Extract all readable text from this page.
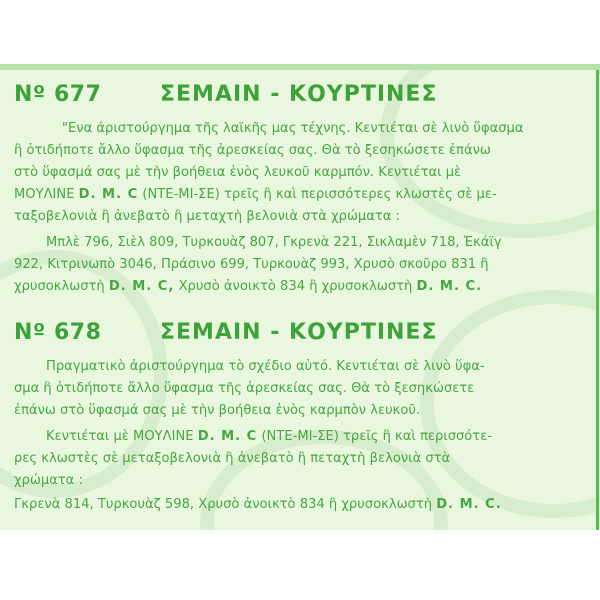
Nº 677	ΣΕΜΑΙΝ - ΚΟΥΡΤΙΝΕΣ
"Ενα άριστούργημα τῆς λαϊκῆς μας τέχνης. Κεντιέται σὲ λινὸ ὕφασμα
ἢ ὁτιδήποτε ἄλλο ὕφασμα τῆς ἀρεσκείας σας. Θὰ τὸ ξεσηκώσετε ἐπάνω
στὸ ὕφασμά σας μὲ τὴν βοήθεια ἐνὸς λευκοῦ καρμπόν. Κεντιέται μὲ
ΜΟΥΛΙΝΕ D. M. C (ΝΤΕ-ΜΙ-ΣΕ) τρεῖς ἢ καὶ περισσότερες κλωστὲς σὲ με-
ταξοβελονιὰ ἢ ἀνεβατὸ ἢ μεταχτὴ βελονιὰ στὰ χρώματα :
Μπλὲ 796, Σιὲλ 809, Τυρκουὰζ 807, Γκρενὰ 221, Σικλαμὲν 718, Ἐκάϊγ
922, Κιτρινωπὸ 3046, Πράσινο 699, Τυρκουὰζ 993, Χρυσὸ σκοῦρο 831 ἢ
χρυσοκλωστὴ D. M. C, Χρυσὸ ἀνοικτὸ 834 ἢ χρυσοκλωστὴ D. M. C.
Nº 678	ΣΕΜΑΙΝ - ΚΟΥΡΤΙΝΕΣ
Πραγματικὸ ἀριστούργημα τὸ σχέδιο αὐτό. Κεντιέται σὲ λινὸ ὕφα-
σμα ἢ ὁτιδήποτε ἄλλο ὕφασμα τῆς ἀρεσκείας σας. Θὰ τὸ ξεσηκώσετε
ἐπάνω στὸ ὕφασμά σας μὲ τὴν βοήθεια ἑνὸς καρμπὸν λευκοῦ.
Κεντιέται μὲ ΜΟΥΛΙΝΕ D. M. C (ΝΤΕ-ΜΙ-ΣΕ) τρεῖς ἢ καὶ περισσότε-
ρες κλωστὲς σὲ μεταξοβελονιὰ ἢ ἀνεβατὸ ἢ πεταχτὴ βελονιὰ στὰ
χρώματα :
Γκρενὰ 814, Τυρκουὰζ 598, Χρυσὸ ἀνοικτὸ 834 ἢ χρυσοκλωστὴ D. M. C.
